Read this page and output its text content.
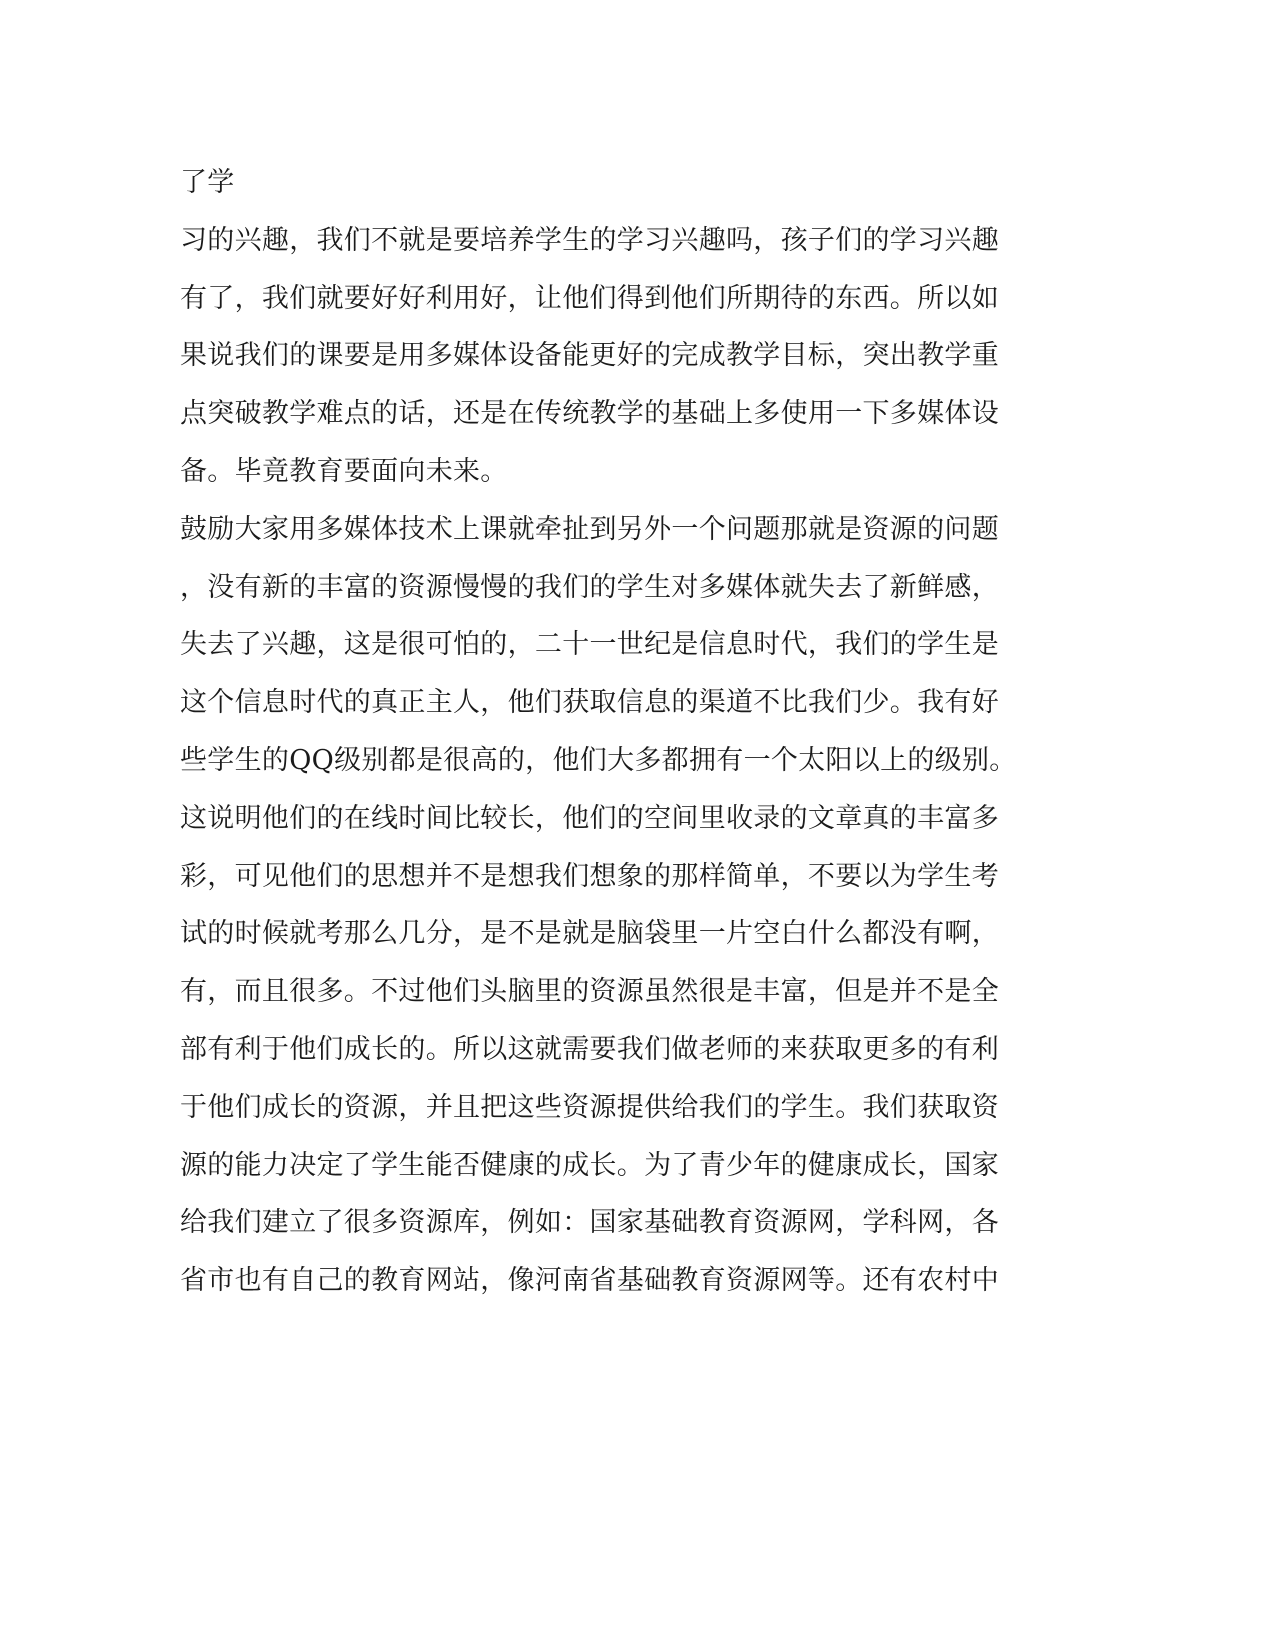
了学
习的兴趣，我们不就是要培养学生的学习兴趣吗，孩子们的学习兴趣
有了，我们就要好好利用好，让他们得到他们所期待的东西。所以如
果说我们的课要是用多媒体设备能更好的完成教学目标，突出教学重
点突破教学难点的话，还是在传统教学的基础上多使用一下多媒体设
备。毕竟教育要面向未来。
鼓励大家用多媒体技术上课就牵扯到另外一个问题那就是资源的问题
，没有新的丰富的资源慢慢的我们的学生对多媒体就失去了新鲜感，
失去了兴趣，这是很可怕的，二十一世纪是信息时代，我们的学生是
这个信息时代的真正主人，他们获取信息的渠道不比我们少。我有好
些学生的QQ级别都是很高的，他们大多都拥有一个太阳以上的级别。
这说明他们的在线时间比较长，他们的空间里收录的文章真的丰富多
彩，可见他们的思想并不是想我们想象的那样简单，不要以为学生考
试的时候就考那么几分，是不是就是脑袋里一片空白什么都没有啊，
有，而且很多。不过他们头脑里的资源虽然很是丰富，但是并不是全
部有利于他们成长的。所以这就需要我们做老师的来获取更多的有利
于他们成长的资源，并且把这些资源提供给我们的学生。我们获取资
源的能力决定了学生能否健康的成长。为了青少年的健康成长，国家
给我们建立了很多资源库，例如：国家基础教育资源网，学科网，各
省市也有自己的教育网站，像河南省基础教育资源网等。还有农村中
